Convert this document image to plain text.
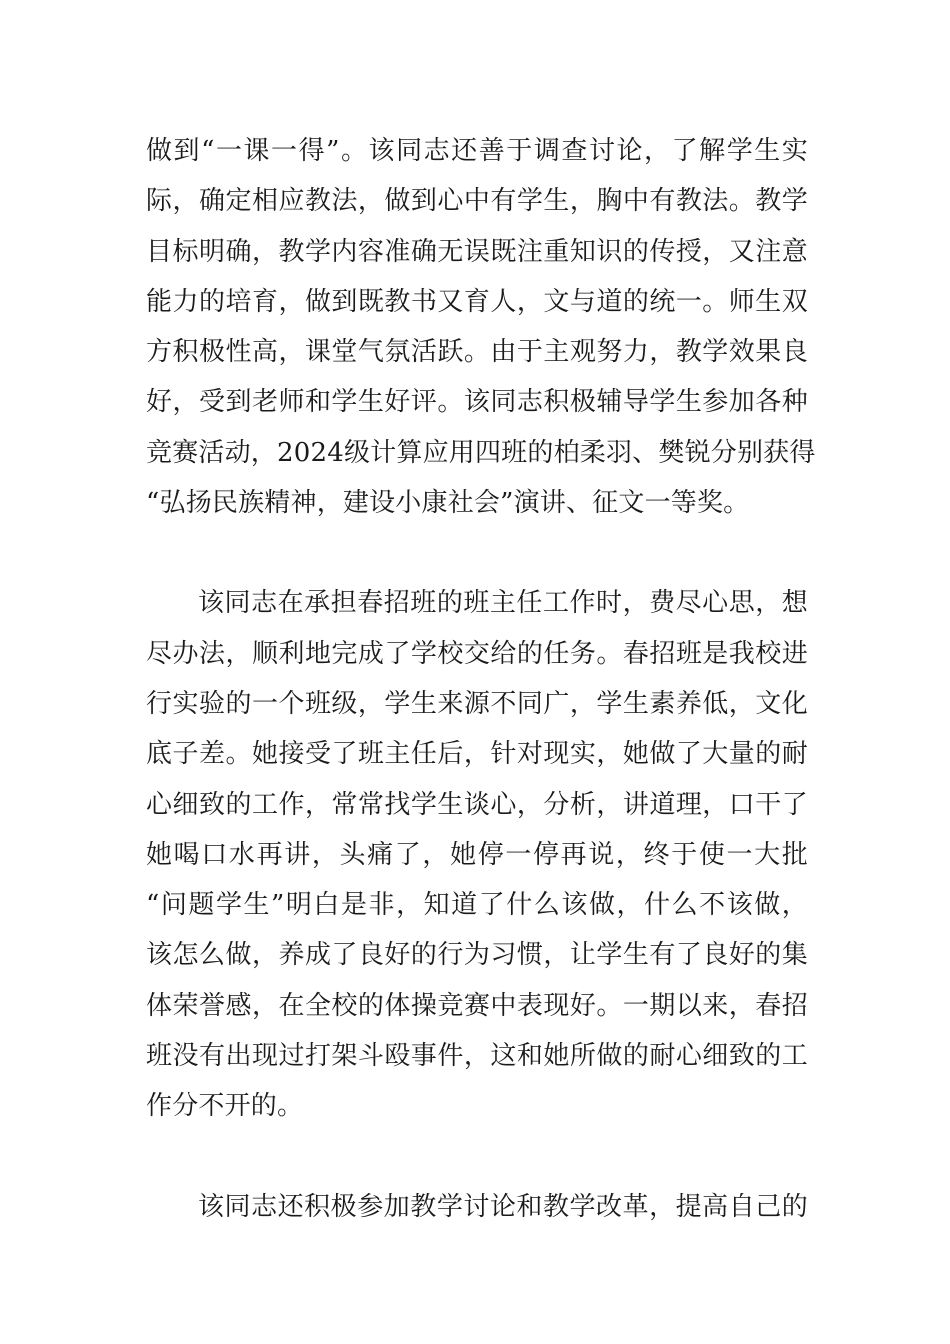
做到“一课一得”。该同志还善于调查讨论，了解学生实
际，确定相应教法，做到心中有学生，胸中有教法。教学
目标明确，教学内容准确无误既注重知识的传授，又注意
能力的培育，做到既教书又育人，文与道的统一。师生双
方积极性高，课堂气氛活跃。由于主观努力，教学效果良
好，受到老师和学生好评。该同志积极辅导学生参加各种
竞赛活动，2024级计算应用四班的柏柔羽、樊锐分别获得
“弘扬民族精神，建设小康社会”演讲、征文一等奖。
该同志在承担春招班的班主任工作时，费尽心思，想
尽办法，顺利地完成了学校交给的任务。春招班是我校进
行实验的一个班级，学生来源不同广，学生素养低，文化
底子差。她接受了班主任后，针对现实，她做了大量的耐
心细致的工作，常常找学生谈心，分析，讲道理，口干了
她喝口水再讲，头痛了，她停一停再说，终于使一大批
“问题学生”明白是非，知道了什么该做，什么不该做，
该怎么做，养成了良好的行为习惯，让学生有了良好的集
体荣誉感，在全校的体操竞赛中表现好。一期以来，春招
班没有出现过打架斗殴事件，这和她所做的耐心细致的工
作分不开的。
该同志还积极参加教学讨论和教学改革，提高自己的
